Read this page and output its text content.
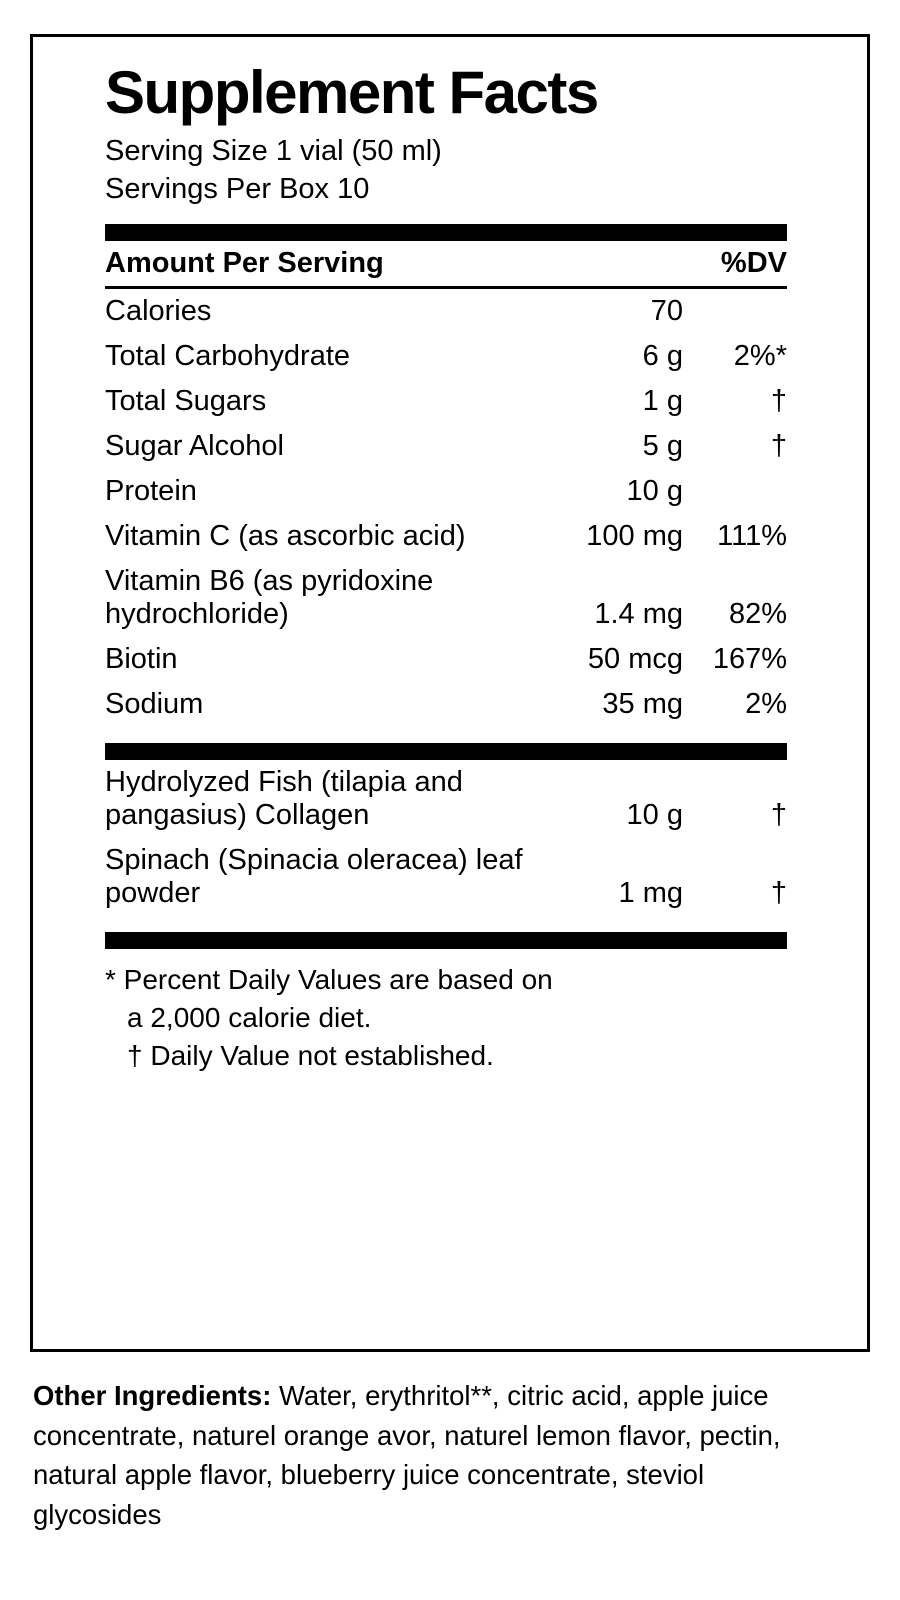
Supplement Facts
Serving Size 1 vial (50 ml)
Servings Per Box 10
Amount Per Serving		%DV

Calories	70	
Total Carbohydrate	6 g	2%*
Total Sugars	1 g	†
Sugar Alcohol	5 g	†
Protein	10 g	
Vitamin C (as ascorbic acid)	100 mg	111%
Vitamin B6 (as pyridoxine hydrochloride)	1.4 mg	82%
Biotin	50 mcg	167%
Sodium	35 mg	2%
Hydrolyzed Fish (tilapia and pangasius) Collagen	10 g	†
Spinach (Spinacia oleracea) leaf powder	1 mg	†
* Percent Daily Values are based on
a 2,000 calorie diet.
† Daily Value not established.
Other Ingredients: Water, erythritol**, citric acid, apple juice concentrate, naturel orange avor, naturel lemon flavor, pectin, natural apple flavor, blueberry juice concentrate, steviol glycosides
